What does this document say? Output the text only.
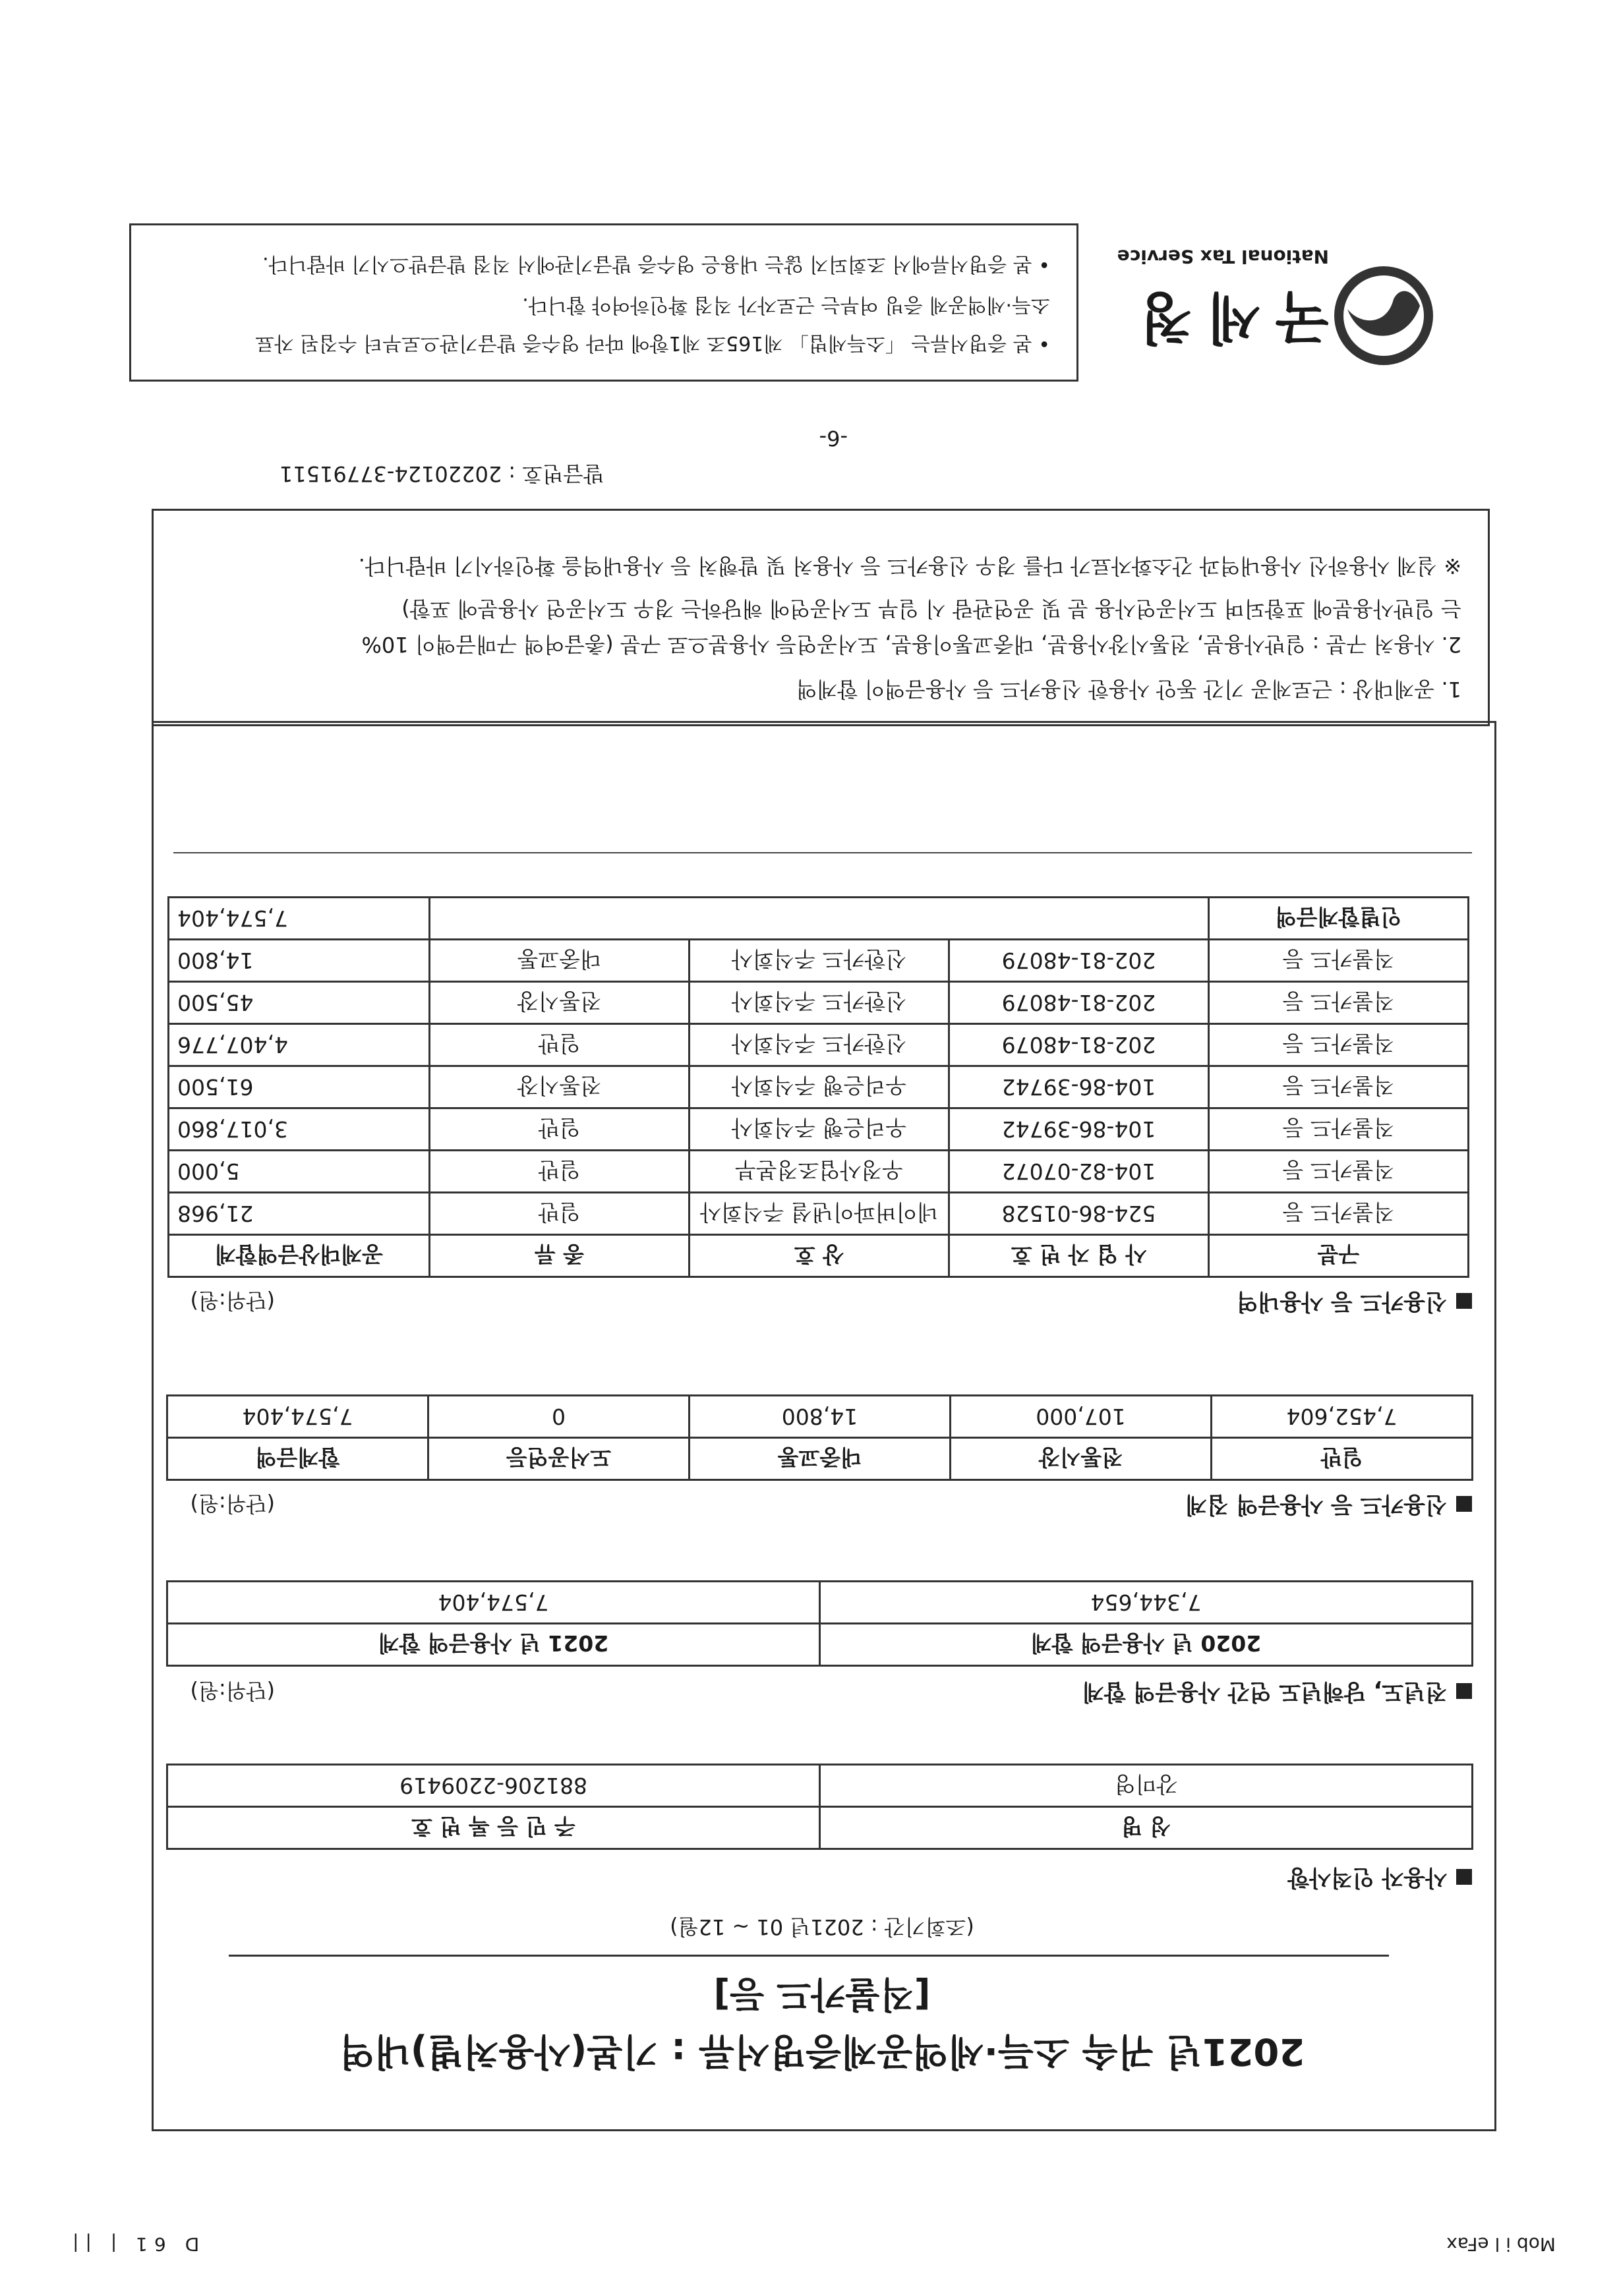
Mob i l eFax
D 61 | ||
2021년 귀속 소득·세액공제증명서류 : 기본(사용처별)내역
[직불카드 등]
(조회기간 : 2021년 01 ~ 12월)
사용자 인적사항
성 명	주 민 등 록 번 호
강미영	881206-2209419
전년도, 당해년도 연간 사용금액 합계
(단위:원)
2020 년 사용금액 합계	2021 년 사용금액 합계
7,344,654	7,574,404
신용카드 등 사용금액 집계
(단위:원)
일반	전통시장	대중교통	도서공연등	합계금액
7,452,604	107,000	14,800	0	7,574,404
신용카드 등 사용내역
(단위:원)
구분	사 업 자 번 호	상 호	종 류	공제대상금액합계
직불카드 등	524-86-01528	네이버파이낸셜 주식회사	일반	21,968
직불카드 등	104-82-07072	우정사업조정본부	일반	5,000
직불카드 등	104-86-39742	우리은행 주식회사	일반	3,017,860
직불카드 등	104-86-39742	우리은행 주식회사	전통시장	61,500
직불카드 등	202-81-48079	신한카드 주식회사	일반	4,407,776
직불카드 등	202-81-48079	신한카드 주식회사	전통시장	45,500
직불카드 등	202-81-48079	신한카드 주식회사	대중교통	14,800
인별합계금액				7,574,404
1. 공제대상 : 근로제공 기간 동안 사용한 신용카드 등 사용금액이 합계액
2. 사용처 구분 : 일반사용분, 전통시장사용분, 대중교통이용분, 도서공연등 사용분으로 구분 (총급여액 구매금액이 10%
는 일반사용분에 포함되며 도서공연사용 분 및 공연관람 시 일부 도서공연에 해당하는 경우 도서공연 사용분에 포함)
※ 실제 사용하신 사용내역과 간소화자료가 다를 경우 신용카드 등 사용처 및 발행처 등 사용내역을 확인하시기 바랍니다.
발급번호 : 20220124-37791511
-6-
• 본 증명서류는 「소득세법」 제165조 제1항에 따라 영수증 발급기관으로부터 수집된 자료
소득·세액공제 증빙 여부는 근로자가 직접 확인하여야 합니다.
• 본 증명서류에서 조회되지 않는 내용은 영수증 발급기관에서 직접 발급받으시기 바랍니다.
국세청
National Tax Service
